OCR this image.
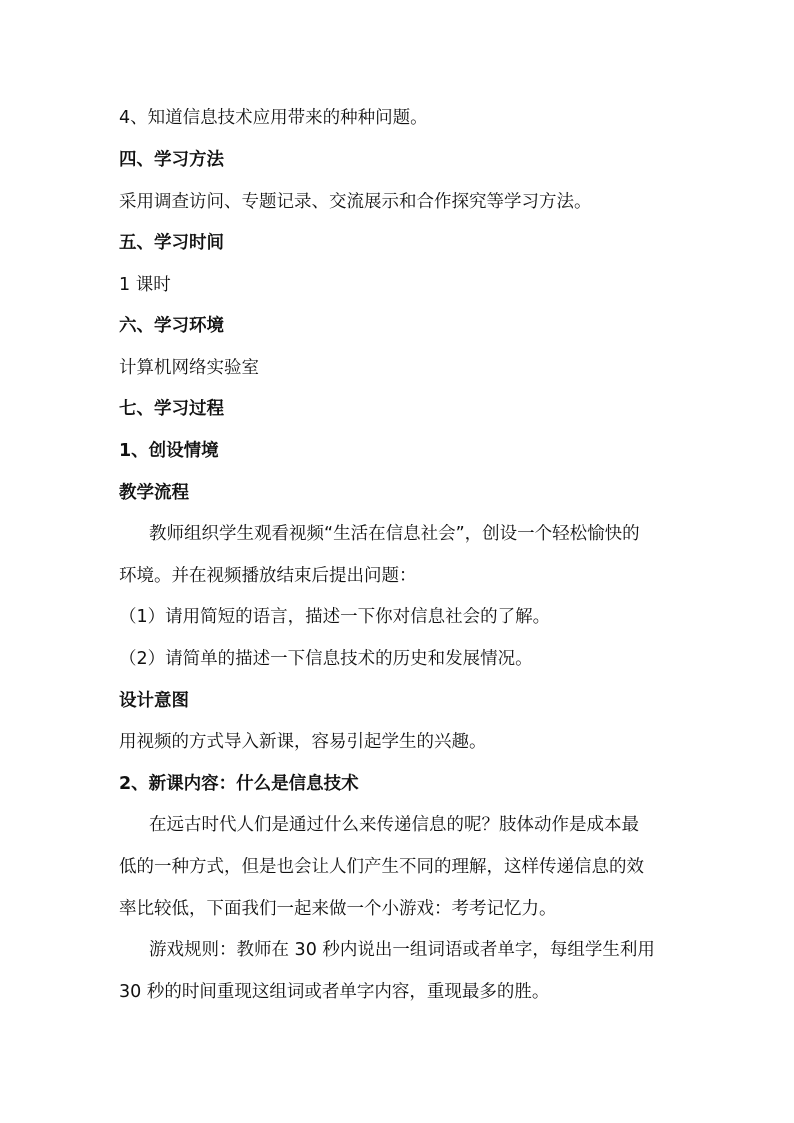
4、知道信息技术应用带来的种种问题。
四、学习方法
采用调查访问、专题记录、交流展示和合作探究等学习方法。
五、学习时间
1 课时
六、学习环境
计算机网络实验室
七、学习过程
1、创设情境
教学流程
教师组织学生观看视频“生活在信息社会”，创设一个轻松愉快的
环境。并在视频播放结束后提出问题：
（1）请用简短的语言，描述一下你对信息社会的了解。
（2）请简单的描述一下信息技术的历史和发展情况。
设计意图
用视频的方式导入新课，容易引起学生的兴趣。
2、新课内容：什么是信息技术
在远古时代人们是通过什么来传递信息的呢？肢体动作是成本最
低的一种方式，但是也会让人们产生不同的理解，这样传递信息的效
率比较低，下面我们一起来做一个小游戏：考考记忆力。
游戏规则：教师在 30 秒内说出一组词语或者单字，每组学生利用
30 秒的时间重现这组词或者单字内容，重现最多的胜。
